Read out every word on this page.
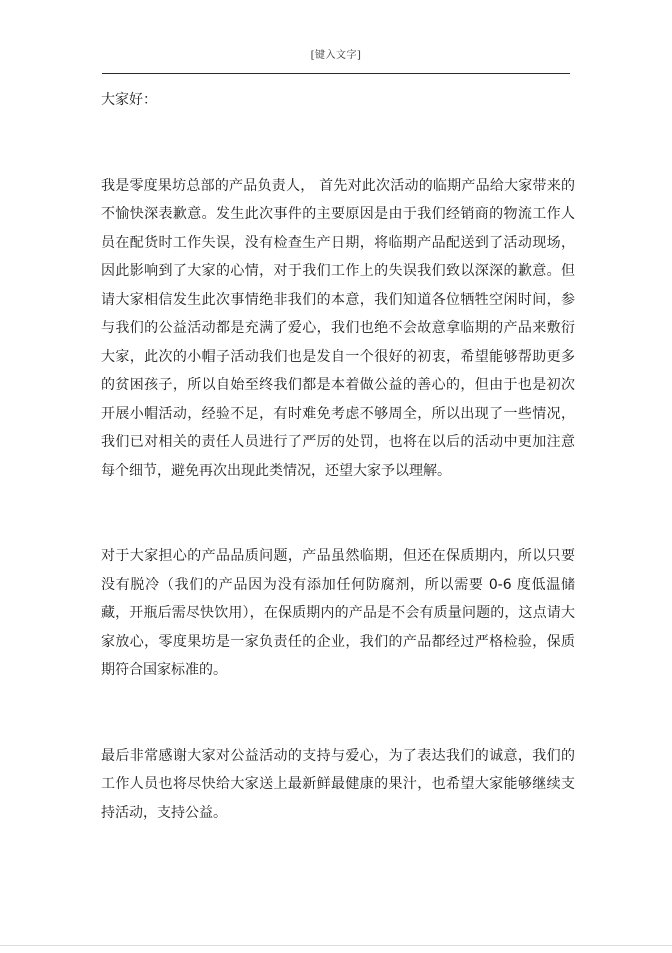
[键入文字]

大家好：

我是零度果坊总部的产品负责人， 首先对此次活动的临期产品给大家带来的不愉快深表歉意。发生此次事件的主要原因是由于我们经销商的物流工作人员在配货时工作失误，没有检查生产日期，将临期产品配送到了活动现场，因此影响到了大家的心情，对于我们工作上的失误我们致以深深的歉意。但请大家相信发生此次事情绝非我们的本意，我们知道各位牺牲空闲时间，参与我们的公益活动都是充满了爱心，我们也绝不会故意拿临期的产品来敷衍大家，此次的小帽子活动我们也是发自一个很好的初衷，希望能够帮助更多的贫困孩子，所以自始至终我们都是本着做公益的善心的，但由于也是初次开展小帽活动，经验不足，有时难免考虑不够周全，所以出现了一些情况，我们已对相关的责任人员进行了严厉的处罚，也将在以后的活动中更加注意每个细节，避免再次出现此类情况，还望大家予以理解。

对于大家担心的产品品质问题，产品虽然临期，但还在保质期内，所以只要没有脱冷（我们的产品因为没有添加任何防腐剂，所以需要 0-6 度低温储藏，开瓶后需尽快饮用），在保质期内的产品是不会有质量问题的，这点请大家放心，零度果坊是一家负责任的企业，我们的产品都经过严格检验，保质期符合国家标准的。

最后非常感谢大家对公益活动的支持与爱心，为了表达我们的诚意，我们的工作人员也将尽快给大家送上最新鲜最健康的果汁，也希望大家能够继续支持活动，支持公益。
